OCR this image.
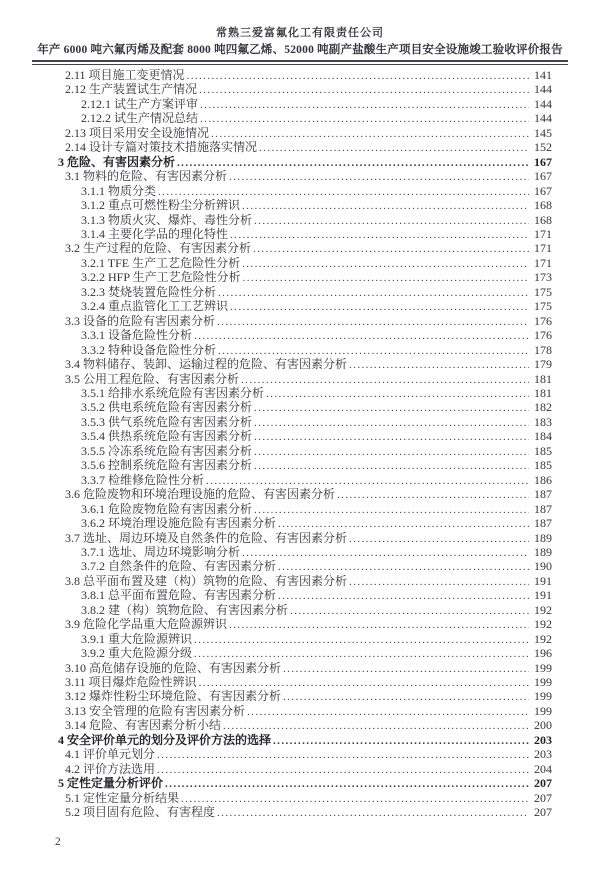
常熟三爱富氟化工有限责任公司
年产 6000 吨六氟丙烯及配套 8000 吨四氟乙烯、52000 吨副产盐酸生产项目安全设施竣工验收评价报告
2.11 项目施工变更情况 .....	141
2.12 生产装置试生产情况 .....	144
2.12.1 试生产方案评审 .....	144
2.12.2 试生产情况总结 .....	144
2.13 项目采用安全设施情况 .....	145
2.14 设计专篇对策技术措施落实情况 .....	152
3 危险、有害因素分析 .....	167
3.1 物料的危险、有害因素分析 .....	167
3.1.1 物质分类 .....	167
3.1.2 重点可燃性粉尘分析辨识 .....	168
3.1.3 物质火灾、爆炸、毒性分析 .....	168
3.1.4 主要化学品的理化特性 .....	171
3.2 生产过程的危险、有害因素分析 .....	171
3.2.1 TFE 生产工艺危险性分析 .....	171
3.2.2 HFP 生产工艺危险性分析 .....	173
3.2.3 焚烧装置危险性分析 .....	175
3.2.4 重点监管化工工艺辨识 .....	175
3.3 设备的危险有害因素分析 .....	176
3.3.1 设备危险性分析 .....	176
3.3.2 特种设备危险性分析 .....	178
3.4 物料储存、装卸、运输过程的危险、有害因素分析 .....	179
3.5 公用工程危险、有害因素分析 .....	181
3.5.1 给排水系统危险有害因素分析 .....	181
3.5.2 供电系统危险有害因素分析 .....	182
3.5.3 供气系统危险有害因素分析 .....	183
3.5.4 供热系统危险有害因素分析 .....	184
3.5.5 冷冻系统危险有害因素分析 .....	185
3.5.6 控制系统危险有害因素分析 .....	185
3.3.7 检维修危险性分析 .....	186
3.6 危险废物和环境治理设施的危险、有害因素分析 .....	187
3.6.1 危险废物危险有害因素分析 .....	187
3.6.2 环境治理设施危险有害因素分析 .....	187
3.7 选址、周边环境及自然条件的危险、有害因素分析 .....	189
3.7.1 选址、周边环境影响分析 .....	189
3.7.2 自然条件的危险、有害因素分析 .....	190
3.8 总平面布置及建（构）筑物的危险、有害因素分析 .....	191
3.8.1 总平面布置危险、有害因素分析 .....	191
3.8.2 建（构）筑物危险、有害因素分析 .....	192
3.9 危险化学品重大危险源辨识 .....	192
3.9.1 重大危险源辨识 .....	192
3.9.2 重大危险源分级 .....	196
3.10 高危储存设施的危险、有害因素分析 .....	199
3.11 项目爆炸危险性辨识 .....	199
3.12 爆炸性粉尘环境危险、有害因素分析 .....	199
3.13 安全管理的危险有害因素分析 .....	199
3.14 危险、有害因素分析小结 .....	200
4 安全评价单元的划分及评价方法的选择 .....	203
4.1 评价单元划分 .....	203
4.2 评价方法选用 .....	204
5 定性定量分析评价 .....	207
5.1 定性定量分析结果 .....	207
5.2 项目固有危险、有害程度 .....	207
2
